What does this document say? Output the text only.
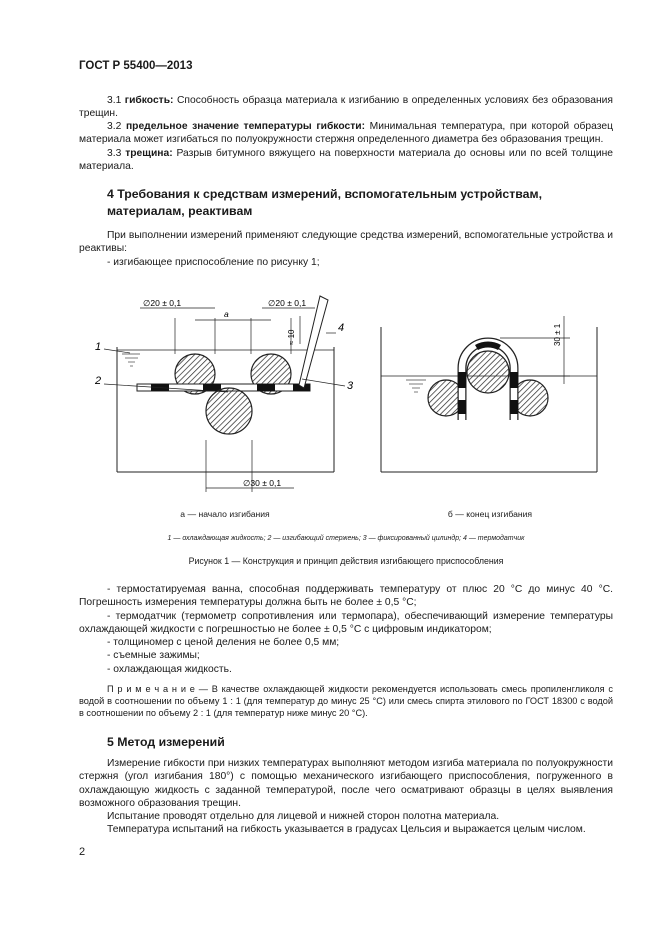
ГОСТ Р 55400—2013
3.1 гибкость: Способность образца материала к изгибанию в определенных условиях без образования трещин.
3.2 предельное значение температуры гибкости: Минимальная температура, при которой образец материала может изгибаться по полуокружности стержня определенного диаметра без образования трещин.
3.3 трещина: Разрыв битумного вяжущего на поверхности материала до основы или по всей толщине материала.
4 Требования к средствам измерений, вспомогательным устройствам,
материалам, реактивам
При выполнении измерений применяют следующие средства измерений, вспомогательные устройства и реактивы:
- изгибающее приспособление по рисунку 1;
∅20 ± 0,1	∅20 ± 0,1
a
≈ 10
∅30 ± 0,1
1
2	3
4	30 ± 1
а — начало изгибания	б — конец изгибания
1 — охлаждающая жидкость; 2 — изгибающий стержень; 3 — фиксированный цилиндр; 4 — термодатчик
Рисунок 1 — Конструкция и принцип действия изгибающего приспособления
- термостатируемая ванна, способная поддерживать температуру от плюс 20 °С до минус 40 °С. Погрешность измерения температуры должна быть не более ± 0,5 °С;
- термодатчик (термометр сопротивления или термопара), обеспечивающий измерение температуры охлаждающей жидкости с погрешностью не более ± 0,5 °С с цифровым индикатором;
- толщиномер с ценой деления не более 0,5 мм;
- съемные зажимы;
- охлаждающая жидкость.
П р и м е ч а н и е — В качестве охлаждающей жидкости рекомендуется использовать смесь пропиленгликоля с водой в соотношении по объему 1 : 1 (для температур до минус 25 °С) или смесь спирта этилового по ГОСТ 18300 с водой в соотношении по объему 2 : 1 (для температур ниже минус 20 °С).
5 Метод измерений
Измерение гибкости при низких температурах выполняют методом изгиба материала по полуокружности стержня (угол изгибания 180°) с помощью механического изгибающего приспособления, погруженного в охлаждающую жидкость с заданной температурой, после чего осматривают образцы в целях выявления возможного образования трещин.
Испытание проводят отдельно для лицевой и нижней сторон полотна материала.
Температура испытаний на гибкость указывается в градусах Цельсия и выражается целым числом.
2
